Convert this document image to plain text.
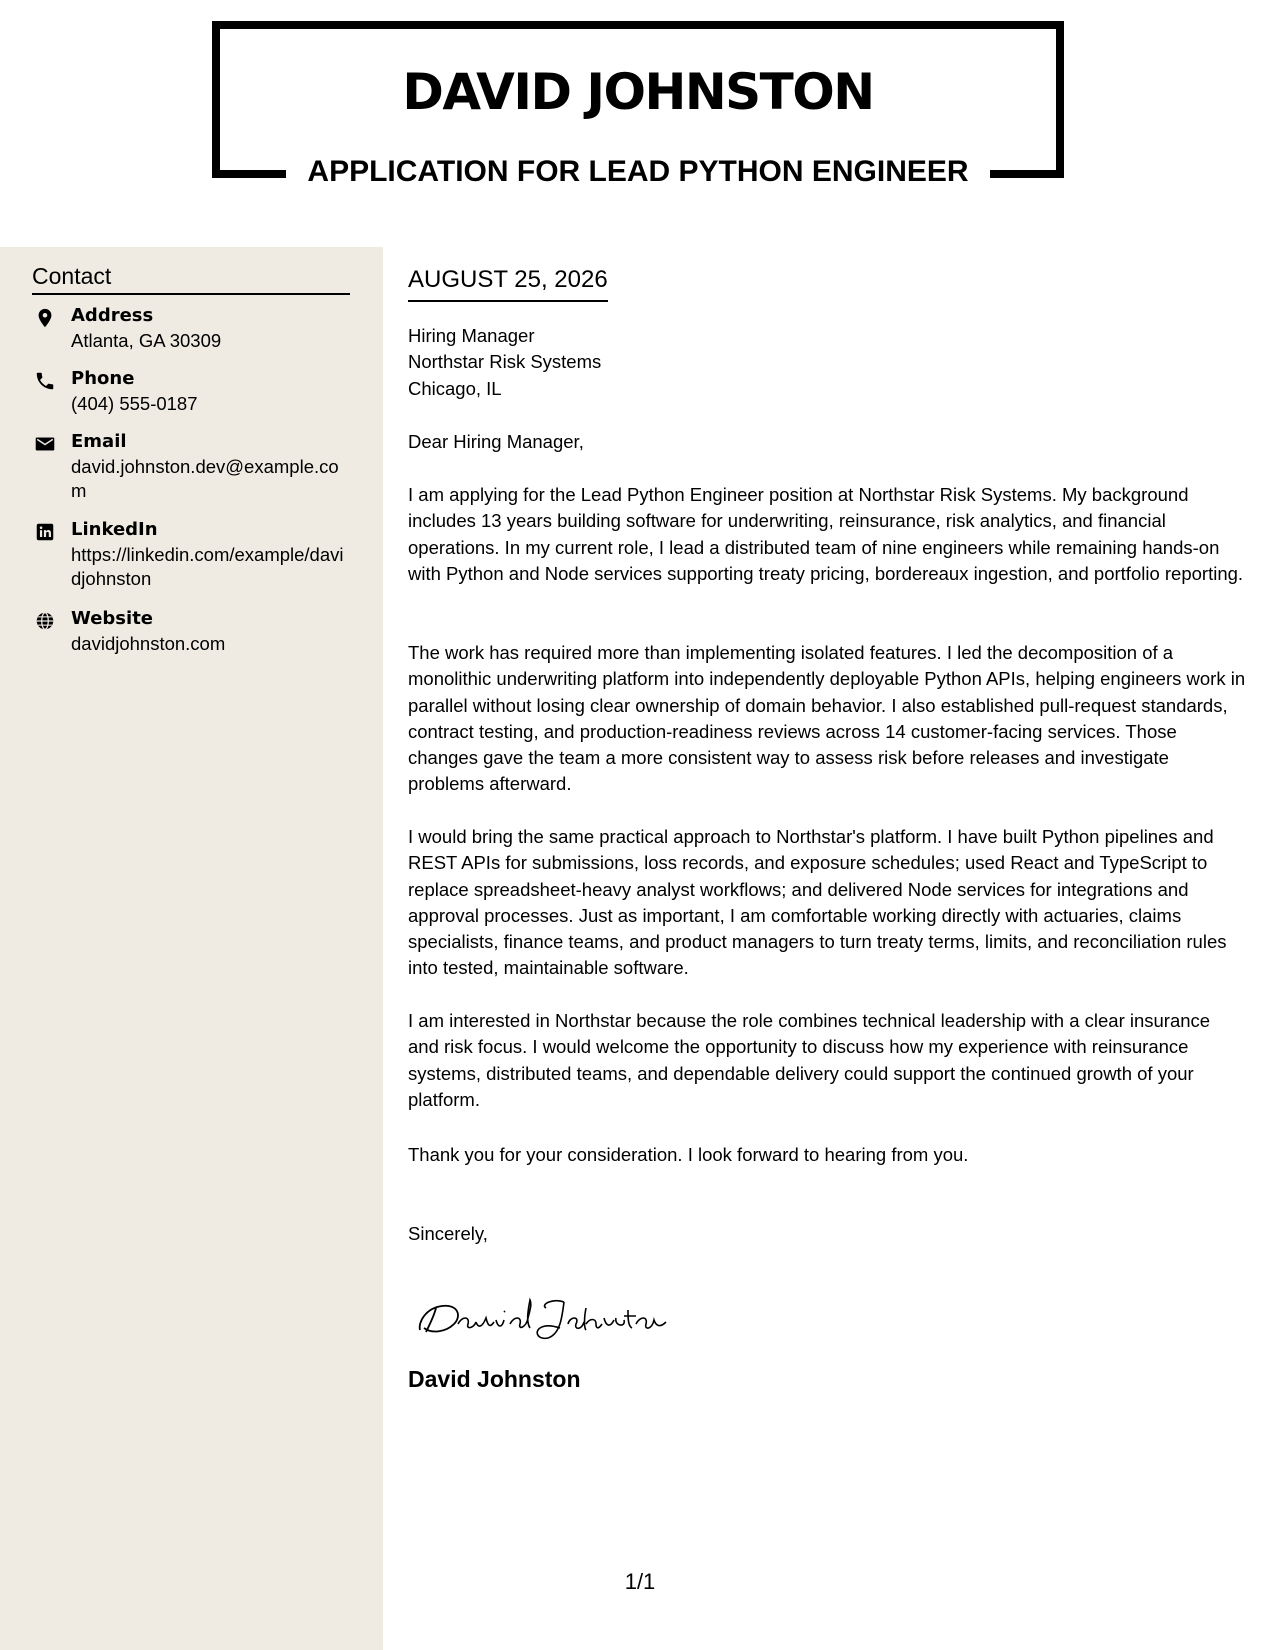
DAVID JOHNSTON
APPLICATION FOR LEAD PYTHON ENGINEER
Contact
Address
Atlanta, GA 30309
Phone
(404) 555-0187
Email
david.johnston.dev@example.com
LinkedIn
https://linkedin.com/example/davidjohnston
Website
davidjohnston.com
AUGUST 25, 2026
Hiring Manager
Northstar Risk Systems
Chicago, IL

Dear Hiring Manager,

I am applying for the Lead Python Engineer position at Northstar Risk Systems. My background includes 13 years building software for underwriting, reinsurance, risk analytics, and financial operations. In my current role, I lead a distributed team of nine engineers while remaining hands-on with Python and Node services supporting treaty pricing, bordereaux ingestion, and portfolio reporting.

The work has required more than implementing isolated features. I led the decomposition of a monolithic underwriting platform into independently deployable Python APIs, helping engineers work in parallel without losing clear ownership of domain behavior. I also established pull-request standards, contract testing, and production-readiness reviews across 14 customer-facing services. Those changes gave the team a more consistent way to assess risk before releases and investigate problems afterward.

I would bring the same practical approach to Northstar's platform. I have built Python pipelines and REST APIs for submissions, loss records, and exposure schedules; used React and TypeScript to replace spreadsheet-heavy analyst workflows; and delivered Node services for integrations and approval processes. Just as important, I am comfortable working directly with actuaries, claims specialists, finance teams, and product managers to turn treaty terms, limits, and reconciliation rules into tested, maintainable software.

I am interested in Northstar because the role combines technical leadership with a clear insurance and risk focus. I would welcome the opportunity to discuss how my experience with reinsurance systems, distributed teams, and dependable delivery could support the continued growth of your platform.

Thank you for your consideration. I look forward to hearing from you.

Sincerely,

David Johnston
1/1
